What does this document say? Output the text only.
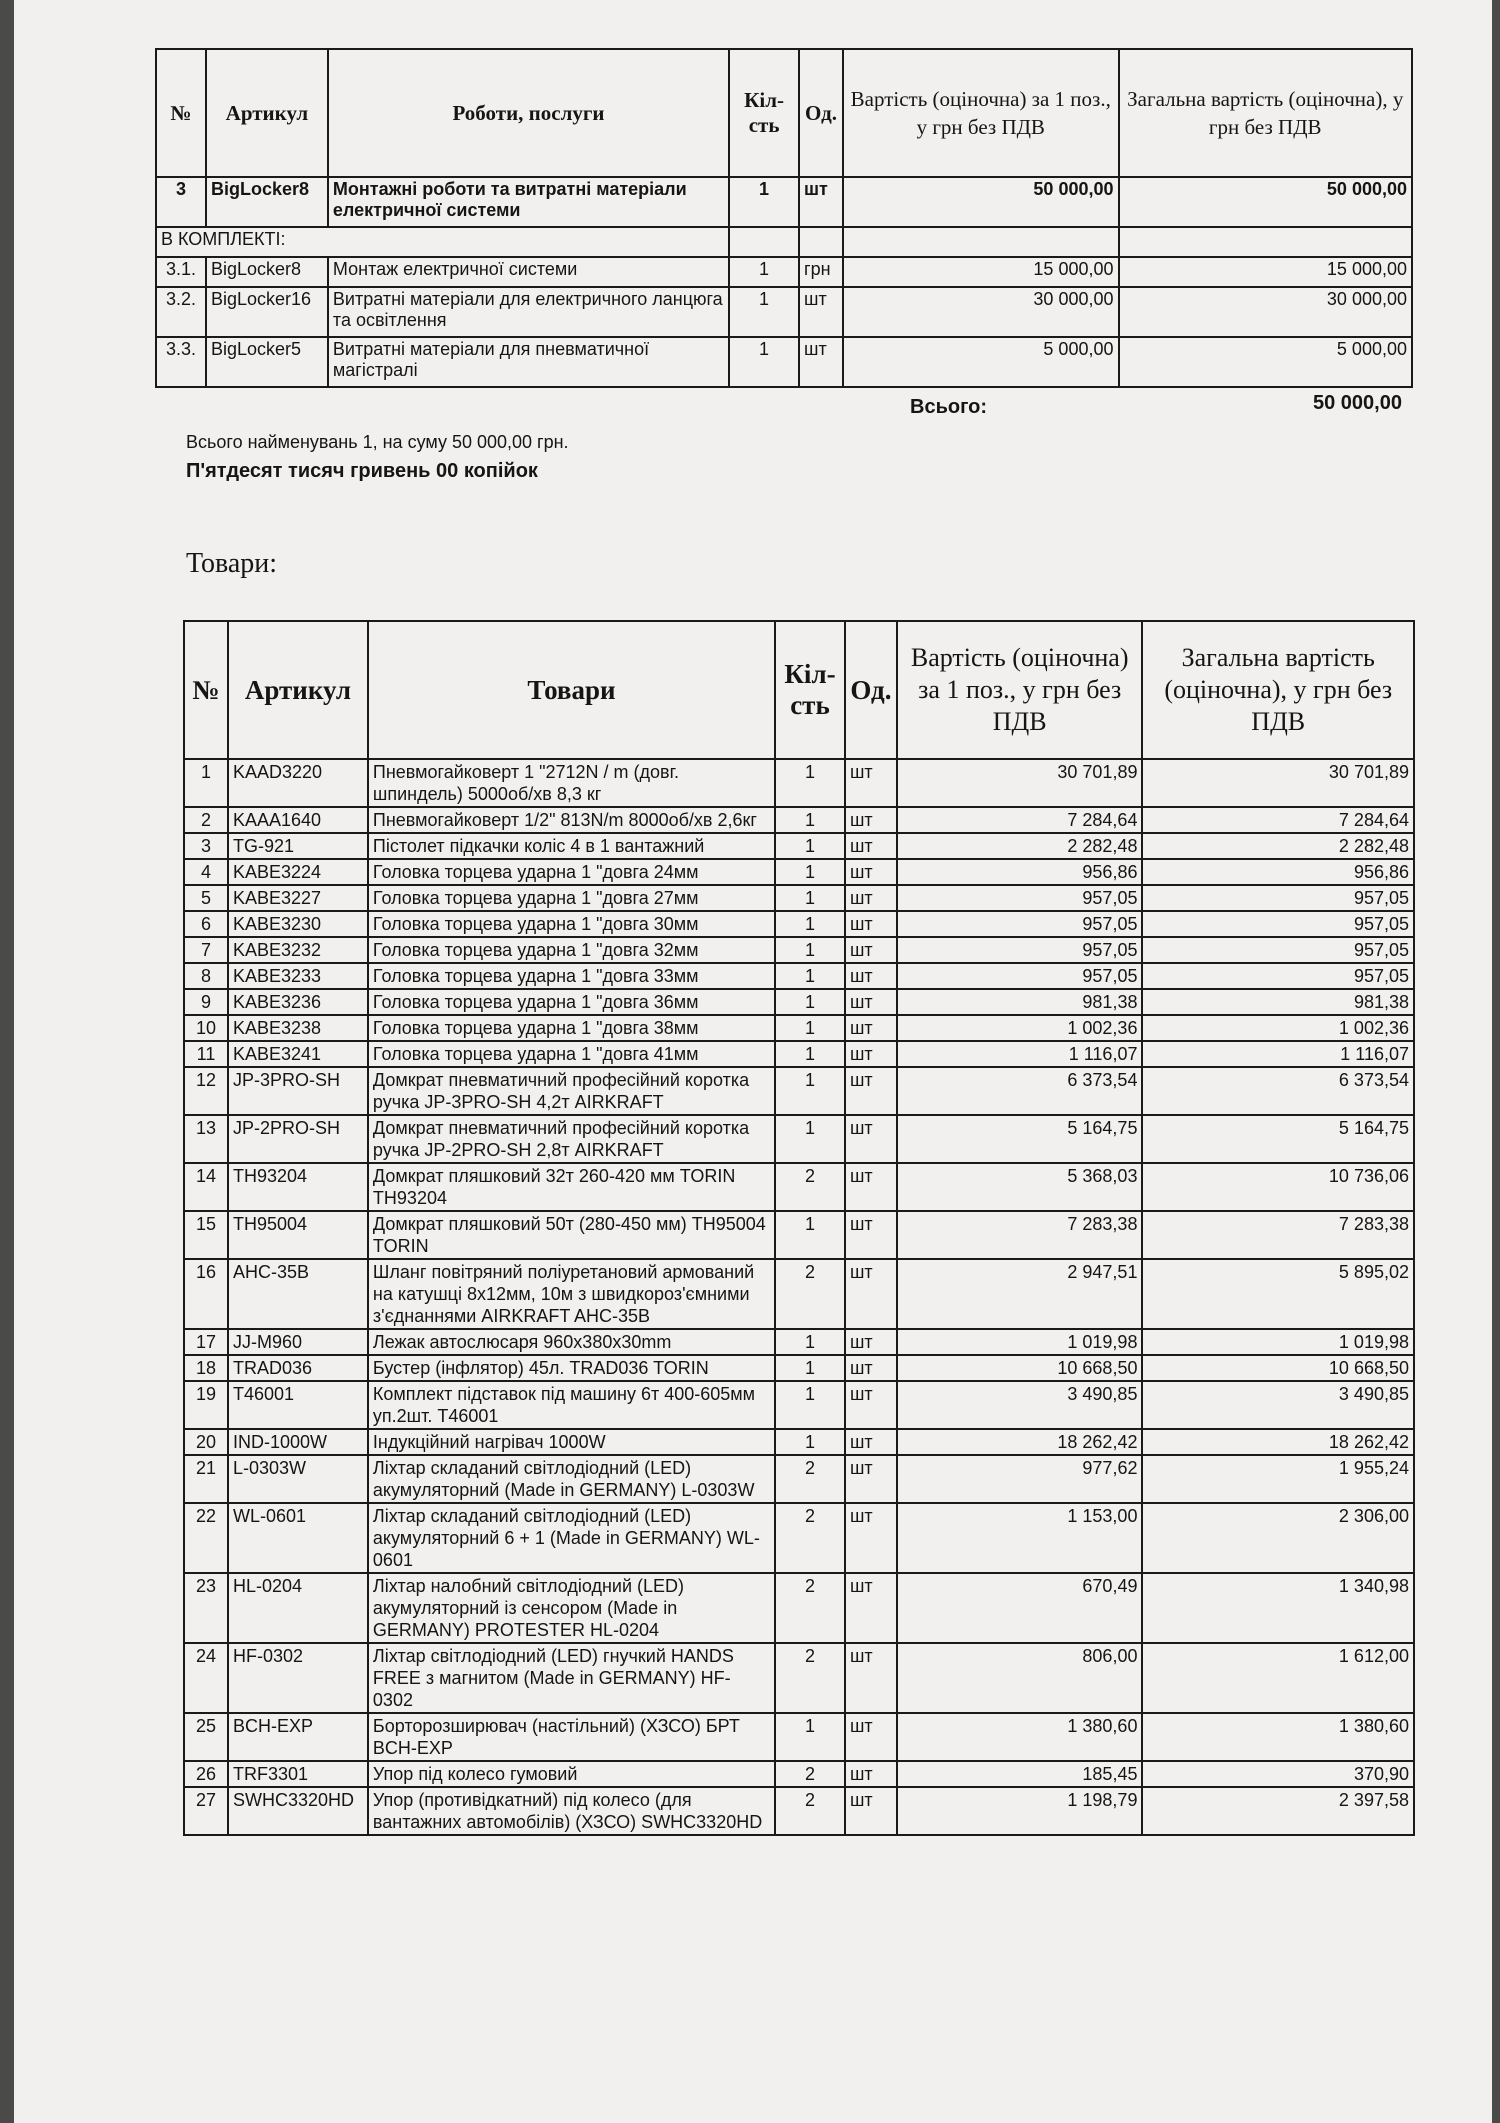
№	Артикул	Роботи, послуги	Кіл-сть	Од.	Вартість (оціночна) за 1 поз., у грн без ПДВ	Загальна вартість (оціночна), у грн без ПДВ
3	BigLocker8	Монтажні роботи та витратні матеріали електричної системи	1	шт	50 000,00	50 000,00
В КОМПЛЕКТІ:						
3.1.	BigLocker8	Монтаж електричної системи	1	грн	15 000,00	15 000,00
3.2.	BigLocker16	Витратні матеріали для електричного ланцюга та освітлення	1	шт	30 000,00	30 000,00
3.3.	BigLocker5	Витратні матеріали для пневматичної магістралі	1	шт	5 000,00	5 000,00
Всього:	50 000,00
Всього найменувань 1, на суму 50 000,00 грн.
П'ятдесят тисяч гривень 00 копійок
Товари:
№	Артикул	Товари	Кіл-сть	Од.	Вартість (оціночна) за 1 поз., у грн без ПДВ	Загальна вартість (оціночна), у грн без ПДВ
1	KAAD3220	Пневмогайковерт 1 "2712N / m (довг. шпиндель) 5000об/хв 8,3 кг	1	шт	30 701,89	30 701,89
2	KAAA1640	Пневмогайковерт 1/2" 813N/m 8000об/хв 2,6кг	1	шт	7 284,64	7 284,64
3	TG-921	Пістолет підкачки коліс 4 в 1 вантажний	1	шт	2 282,48	2 282,48
4	KABE3224	Головка торцева ударна 1 "довга 24мм	1	шт	956,86	956,86
5	KABE3227	Головка торцева ударна 1 "довга 27мм	1	шт	957,05	957,05
6	KABE3230	Головка торцева ударна 1 "довга 30мм	1	шт	957,05	957,05
7	KABE3232	Головка торцева ударна 1 "довга 32мм	1	шт	957,05	957,05
8	KABE3233	Головка торцева ударна 1 "довга 33мм	1	шт	957,05	957,05
9	KABE3236	Головка торцева ударна 1 "довга 36мм	1	шт	981,38	981,38
10	KABE3238	Головка торцева ударна 1 "довга 38мм	1	шт	1 002,36	1 002,36
11	KABE3241	Головка торцева ударна 1 "довга 41мм	1	шт	1 116,07	1 116,07
12	JP-3PRO-SH	Домкрат пневматичний професійний коротка ручка JP-3PRO-SH 4,2т AIRKRAFT	1	шт	6 373,54	6 373,54
13	JP-2PRO-SH	Домкрат пневматичний професійний коротка ручка JP-2PRO-SH 2,8т AIRKRAFT	1	шт	5 164,75	5 164,75
14	TH93204	Домкрат пляшковий 32т 260-420 мм TORIN TH93204	2	шт	5 368,03	10 736,06
15	TH95004	Домкрат пляшковий 50т (280-450 мм) TH95004 TORIN	1	шт	7 283,38	7 283,38
16	AHC-35B	Шланг повітряний поліуретановий армований на катушці 8x12мм, 10м з швидкороз'ємними з'єднаннями AIRKRAFT AHC-35B	2	шт	2 947,51	5 895,02
17	JJ-M960	Лежак автослюсаря 960x380x30mm	1	шт	1 019,98	1 019,98
18	TRAD036	Бустер (інфлятор) 45л. TRAD036 TORIN	1	шт	10 668,50	10 668,50
19	T46001	Комплект підставок під машину 6т 400-605мм уп.2шт. T46001	1	шт	3 490,85	3 490,85
20	IND-1000W	Індукційний нагрівач 1000W	1	шт	18 262,42	18 262,42
21	L-0303W	Ліхтар складаний світлодіодний (LED) акумуляторний (Made in GERMANY) L-0303W	2	шт	977,62	1 955,24
22	WL-0601	Ліхтар складаний світлодіодний (LED) акумуляторний 6 + 1 (Made in GERMANY) WL-0601	2	шт	1 153,00	2 306,00
23	HL-0204	Ліхтар налобний світлодіодний (LED) акумуляторний із сенсором (Made in GERMANY) PROTESTER HL-0204	2	шт	670,49	1 340,98
24	HF-0302	Ліхтар світлодіодний (LED) гнучкий HANDS FREE з магнитом (Made in GERMANY) HF-0302	2	шт	806,00	1 612,00
25	BCH-EXP	Борторозширювач (настільний) (ХЗСО) БРТ BCH-EXP	1	шт	1 380,60	1 380,60
26	TRF3301	Упор під колесо гумовий	2	шт	185,45	370,90
27	SWHC3320HD	Упор (противідкатний) під колесо (для вантажних автомобілів) (ХЗСО) SWHC3320HD	2	шт	1 198,79	2 397,58
